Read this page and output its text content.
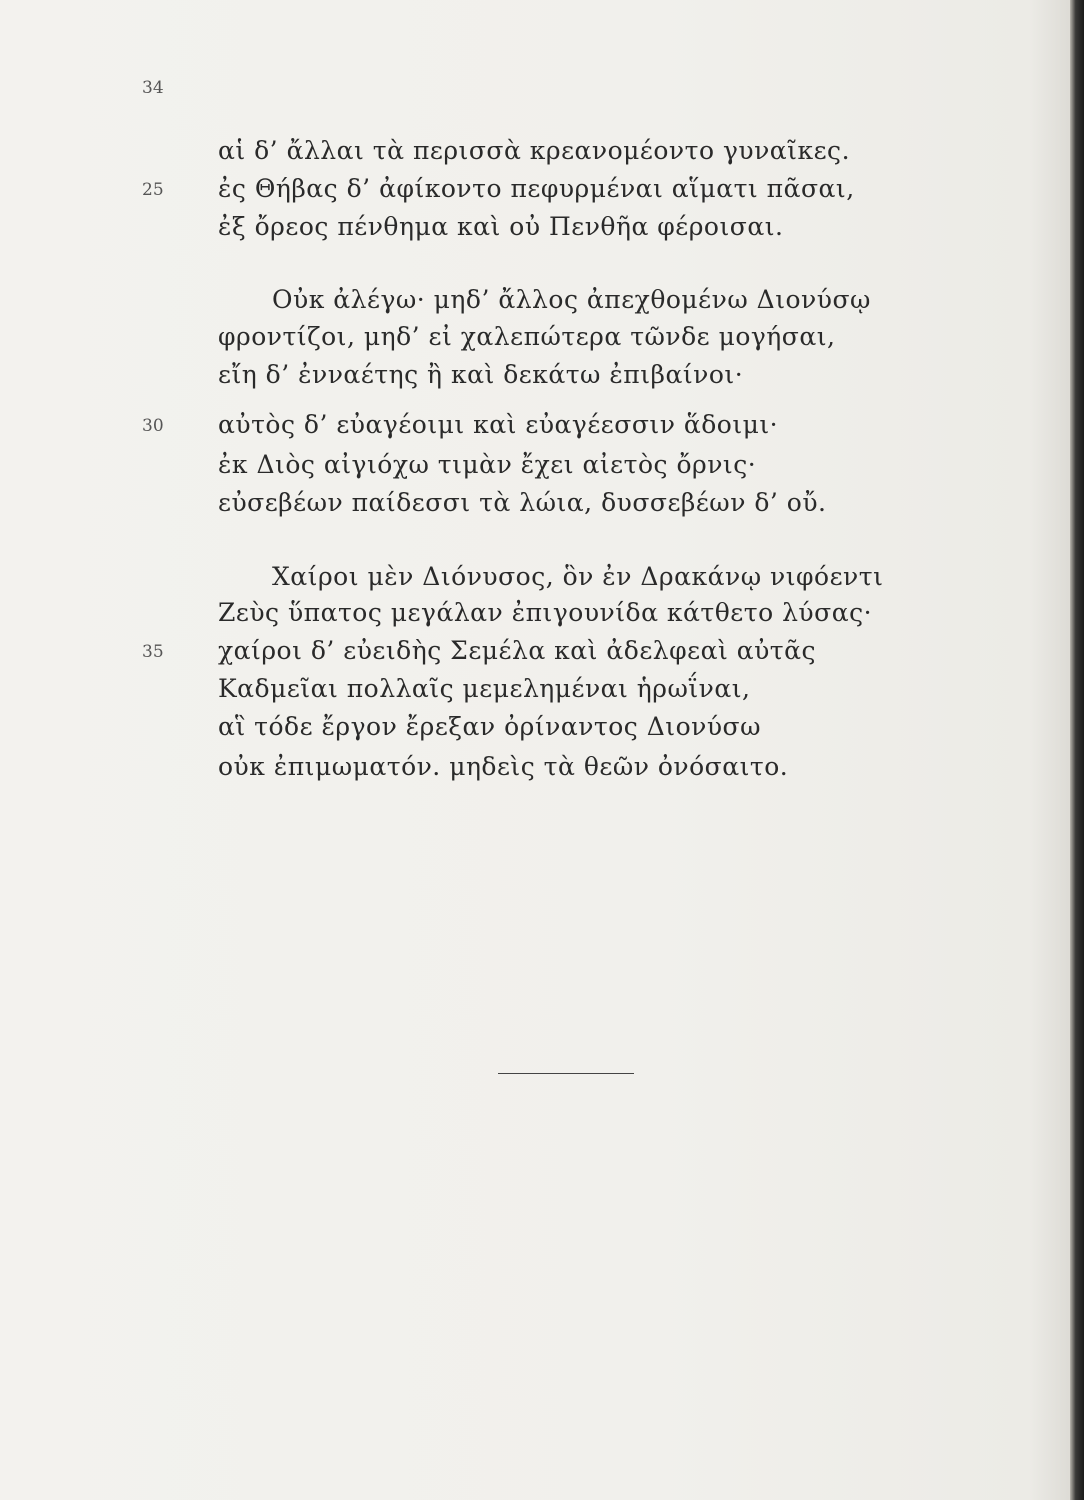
34
αἱ δ’ ἄλλαι τὰ περισσὰ κρεανομέοντο γυναῖκες.
25 ἐς Θήβας δ’ ἀφίκοντο πεφυρμέναι αἵματι πᾶσαι,
ἐξ ὄρεος πένθημα καὶ οὐ Πενθῆα φέροισαι.
Οὐκ ἀλέγω· μηδ’ ἄλλος ἀπεχθομένω Διονύσῳ
φροντίζοι, μηδ’ εἰ χαλεπώτερα τῶνδε μογήσαι,
εἴη δ’ ἐνναέτης ἢ καὶ δεκάτω ἐπιβαίνοι·
30 αὐτὸς δ’ εὐαγέοιμι καὶ εὐαγέεσσιν ἅδοιμι·
ἐκ Διὸς αἰγιόχω τιμὰν ἔχει αἰετὸς ὄρνις·
εὐσεβέων παίδεσσι τὰ λώια, δυσσεβέων δ’ οὔ.
Χαίροι μὲν Διόνυσος, ὃν ἐν Δρακάνῳ νιφόεντι
Ζεὺς ὕπατος μεγάλαν ἐπιγουνίδα κάτθετο λύσας·
35 χαίροι δ’ εὐειδὴς Σεμέλα καὶ ἀδελφεαὶ αὐτᾶς
Καδμεῖαι πολλαῖς μεμελημέναι ἡρωΐναι,
αἳ τόδε ἔργον ἔρεξαν ὀρίναντος Διονύσω
οὐκ ἐπιμωματόν. μηδεὶς τὰ θεῶν ὀνόσαιτο.
